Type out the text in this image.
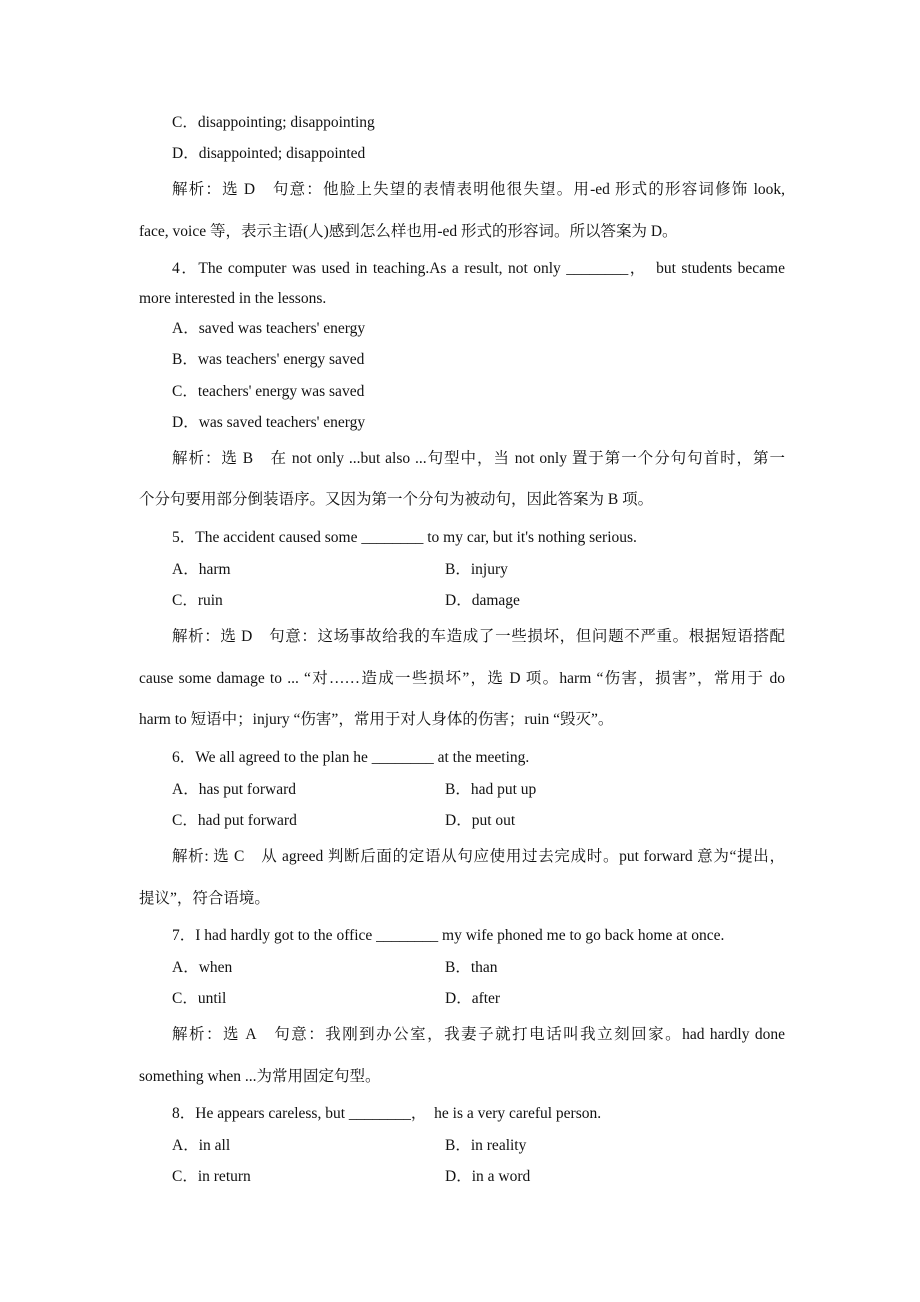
C．disappointing; disappointing
D．disappointed; disappointed
解析：选 D　句意：他脸上失望的表情表明他很失望。用-ed 形式的形容词修饰 look,
face, voice 等，表示主语(人)感到怎么样也用-ed 形式的形容词。所以答案为 D。
4．The computer was used in teaching.As a result, not only ________，　but students became
more interested in the lessons.
A．saved was teachers' energy
B．was teachers' energy saved
C．teachers' energy was saved
D．was saved teachers' energy
解析：选 B　在 not only ...but also ...句型中，当 not only 置于第一个分句句首时，第一
个分句要用部分倒装语序。又因为第一个分句为被动句，因此答案为 B 项。
5．The accident caused some ________ to my car, but it's nothing serious.
A．harm	B．injury
C．ruin	D．damage
解析：选 D　句意：这场事故给我的车造成了一些损坏，但问题不严重。根据短语搭配
cause some damage to ... “对……造成一些损坏”，选 D 项。harm “伤害，损害”，常用于 do
harm to 短语中；injury “伤害”，常用于对人身体的伤害；ruin “毁灭”。
6．We all agreed to the plan he ________ at the meeting.
A．has put forward	B．had put up
C．had put forward	D．put out
解析: 选 C　从 agreed 判断后面的定语从句应使用过去完成时。put forward 意为“提出，
提议”，符合语境。
7．I had hardly got to the office ________ my wife phoned me to go back home at once.
A．when	B．than
C．until	D．after
解析：选 A　句意：我刚到办公室，我妻子就打电话叫我立刻回家。had hardly done
something when ...为常用固定句型。
8．He appears careless, but ________，　he is a very careful person.
A．in all	B．in reality
C．in return	D．in a word
